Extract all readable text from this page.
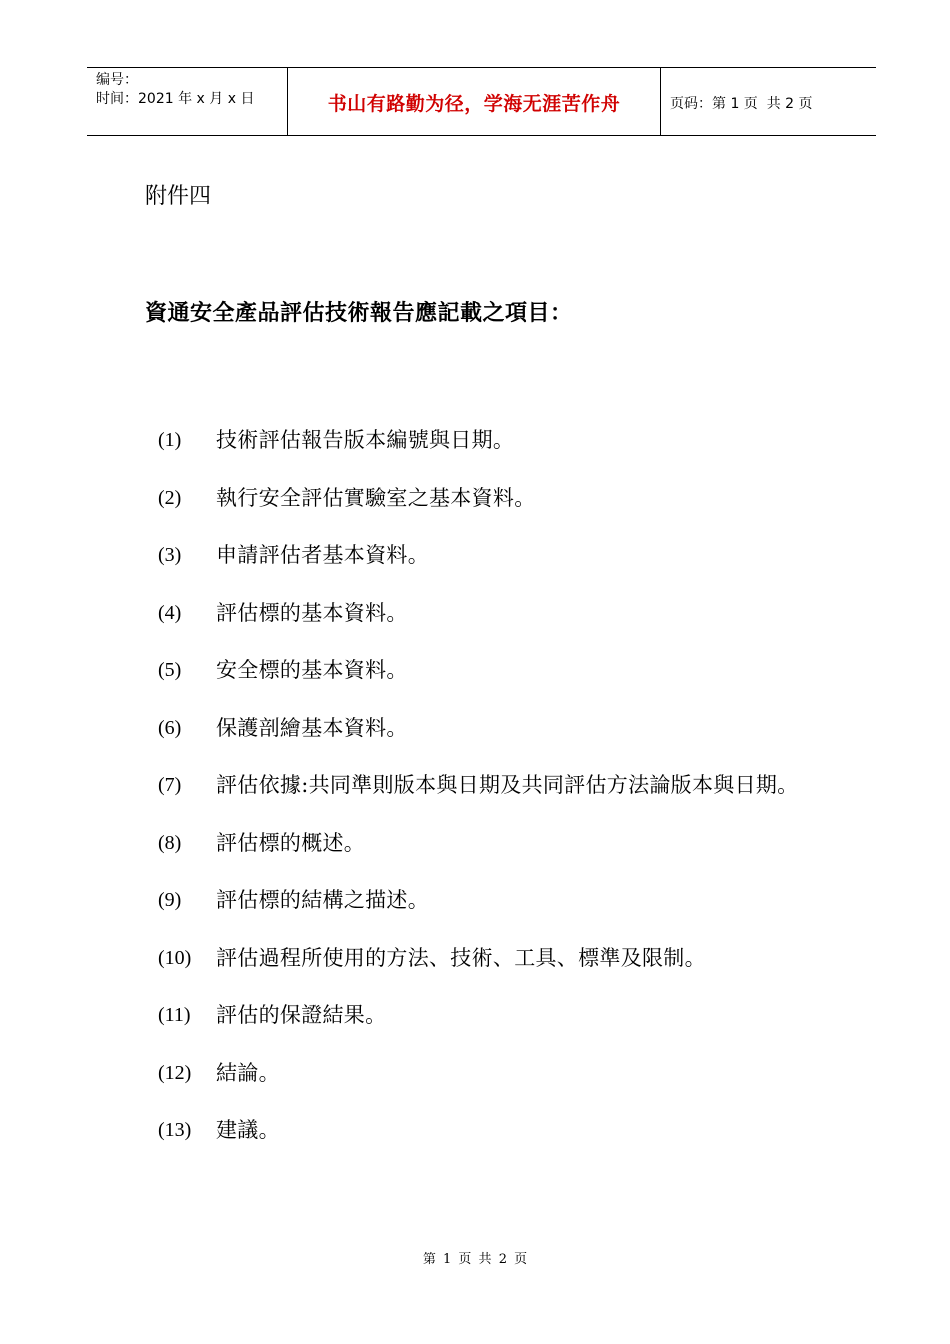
编号：
时间：2021 年 x 月 x 日	书山有路勤为径，学海无涯苦作舟	页码：第 1 页  共 2 页
附件四
資通安全產品評估技術報告應記載之項目：
(1)	技術評估報告版本編號與日期。
(2)	執行安全評估實驗室之基本資料。
(3)	申請評估者基本資料。
(4)	評估標的基本資料。
(5)	安全標的基本資料。
(6)	保護剖繪基本資料。
(7)	評估依據:共同準則版本與日期及共同評估方法論版本與日期。
(8)	評估標的概述。
(9)	評估標的結構之描述。
(10)	評估過程所使用的方法、技術、工具、標準及限制。
(11)	評估的保證結果。
(12)	結論。
(13)	建議。
第 1 页 共 2 页
